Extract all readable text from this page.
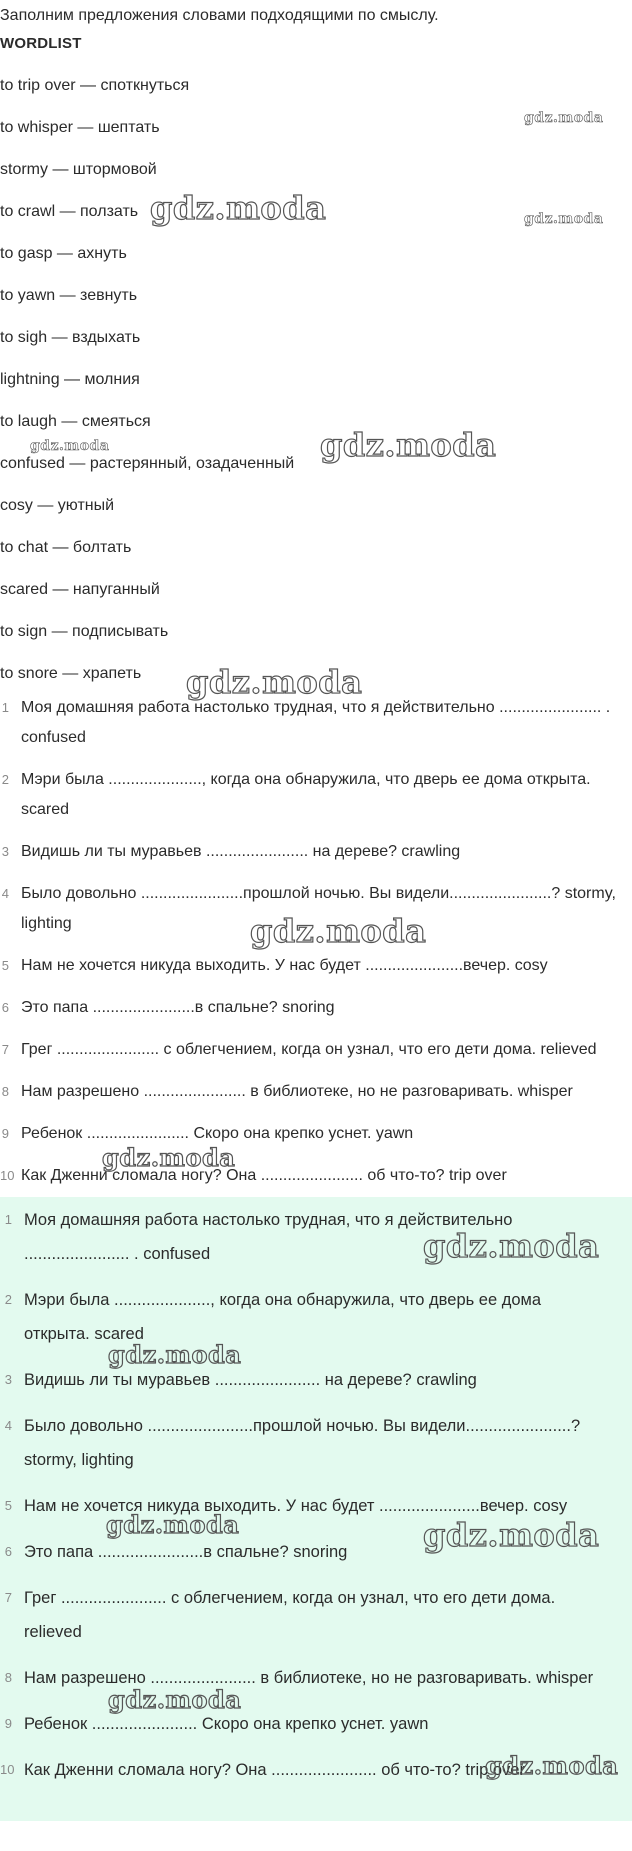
Заполним предложения словами подходящими по смыслу.

WORDLIST

to trip over — споткнуться
to whisper — шептать
stormy — штормовой
to crawl — ползать
to gasp — ахнуть
to yawn — зевнуть
to sigh — вздыхать
lightning — молния
to laugh — смеяться
confused — растерянный, озадаченный
cosy — уютный
to chat — болтать
scared — напуганный
to sign — подписывать
to snore — храпеть
1 Моя домашняя работа настолько трудная, что я действительно ....................... . confused
2 Мэри была ....................., когда она обнаружила, что дверь ее дома открыта. scared
3 Видишь ли ты муравьев ....................... на дереве? crawling
4 Было довольно .......................прошлой ночью. Вы видели.......................? stormy, lighting
5 Нам не хочется никуда выходить. У нас будет ......................вечер. cosy
6 Это папа .......................в спальне? snoring
7 Грег ....................... с облегчением, когда он узнал, что его дети дома. relieved
8 Нам разрешено ....................... в библиотеке, но не разговаривать. whisper
9 Ребенок ....................... Скоро она крепко уснет. yawn
10 Как Дженни сломала ногу? Она ....................... об что-то? trip over
1 Моя домашняя работа настолько трудная, что я действительно ....................... . confused
2 Мэри была ....................., когда она обнаружила, что дверь ее дома открыта. scared
3 Видишь ли ты муравьев ....................... на дереве? crawling
4 Было довольно .......................прошлой ночью. Вы видели.......................? stormy, lighting
5 Нам не хочется никуда выходить. У нас будет ......................вечер. cosy
6 Это папа .......................в спальне? snoring
7 Грег ....................... с облегчением, когда он узнал, что его дети дома. relieved
8 Нам разрешено ....................... в библиотеке, но не разговаривать. whisper
9 Ребенок ....................... Скоро она крепко уснет. yawn
10 Как Дженни сломала ногу? Она ....................... об что-то? trip over
gdz.moda
gdz.moda	gdz.moda
gdz.moda	gdz.moda
gdz.moda
gdz.moda
gdz.moda
